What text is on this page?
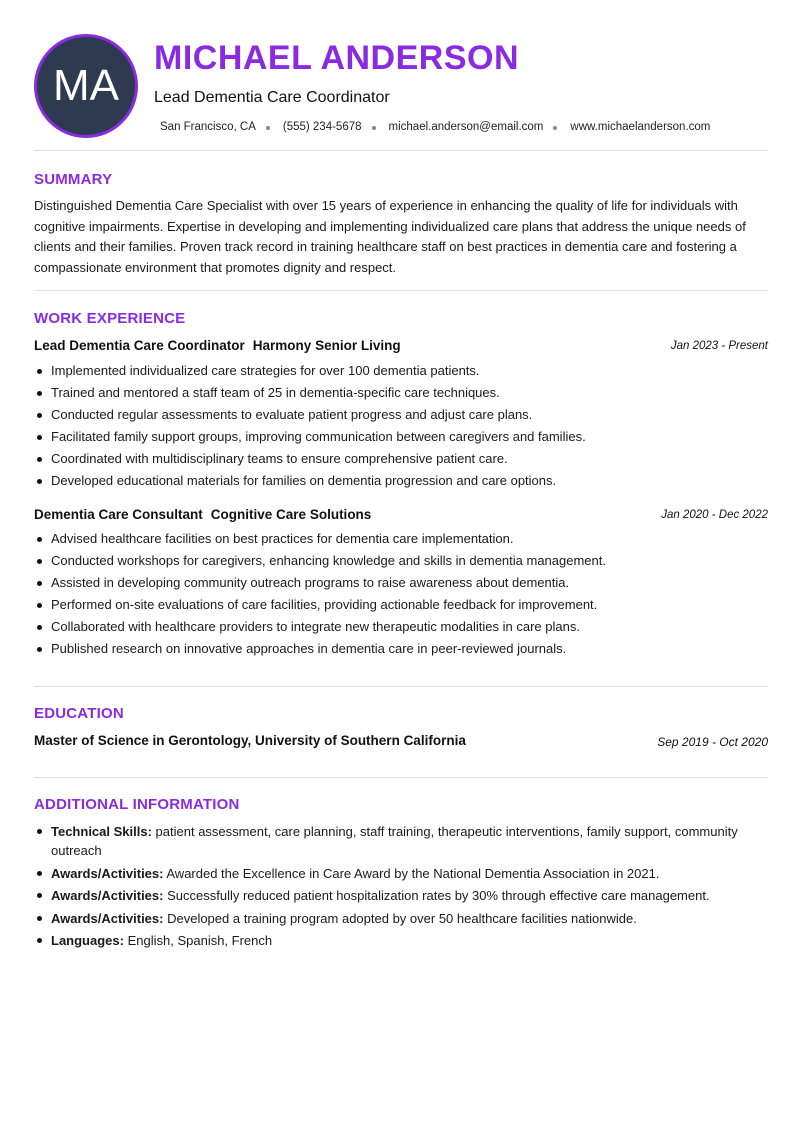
MA
MICHAEL ANDERSON
Lead Dementia Care Coordinator
San Francisco, CA (555) 234-5678 michael.anderson@email.com www.michaelanderson.com
SUMMARY
Distinguished Dementia Care Specialist with over 15 years of experience in enhancing the quality of life for individuals with cognitive impairments. Expertise in developing and implementing individualized care plans that address the unique needs of clients and their families. Proven track record in training healthcare staff on best practices in dementia care and fostering a compassionate environment that promotes dignity and respect.
WORK EXPERIENCE
Lead Dementia Care Coordinator Harmony Senior Living	Jan 2023 - Present
Implemented individualized care strategies for over 100 dementia patients.
Trained and mentored a staff team of 25 in dementia-specific care techniques.
Conducted regular assessments to evaluate patient progress and adjust care plans.
Facilitated family support groups, improving communication between caregivers and families.
Coordinated with multidisciplinary teams to ensure comprehensive patient care.
Developed educational materials for families on dementia progression and care options.
Dementia Care Consultant Cognitive Care Solutions	Jan 2020 - Dec 2022
Advised healthcare facilities on best practices for dementia care implementation.
Conducted workshops for caregivers, enhancing knowledge and skills in dementia management.
Assisted in developing community outreach programs to raise awareness about dementia.
Performed on-site evaluations of care facilities, providing actionable feedback for improvement.
Collaborated with healthcare providers to integrate new therapeutic modalities in care plans.
Published research on innovative approaches in dementia care in peer-reviewed journals.
EDUCATION
Master of Science in Gerontology, University of Southern California	Sep 2019 - Oct 2020
ADDITIONAL INFORMATION
Technical Skills: patient assessment, care planning, staff training, therapeutic interventions, family support, community outreach
Awards/Activities: Awarded the Excellence in Care Award by the National Dementia Association in 2021.
Awards/Activities: Successfully reduced patient hospitalization rates by 30% through effective care management.
Awards/Activities: Developed a training program adopted by over 50 healthcare facilities nationwide.
Languages: English, Spanish, French
